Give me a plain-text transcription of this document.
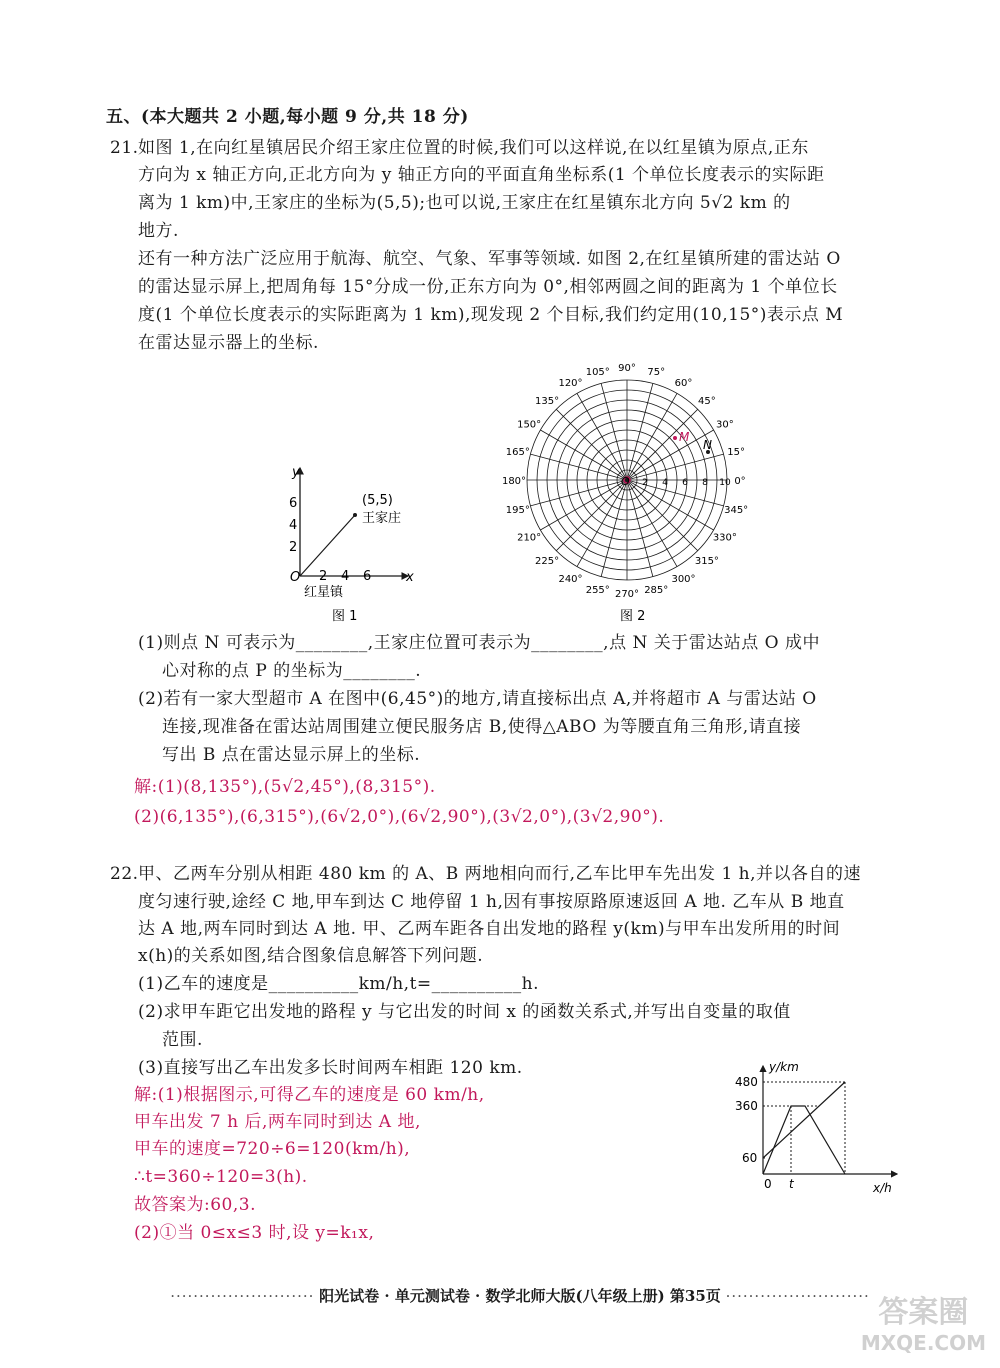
五、(本大题共 2 小题,每小题 9 分,共 18 分)
21. 如图 1,在向红星镇居民介绍王家庄位置的时候,我们可以这样说,在以红星镇为原点,正东
方向为 x 轴正方向,正北方向为 y 轴正方向的平面直角坐标系(1 个单位长度表示的实际距
离为 1 km)中,王家庄的坐标为(5,5);也可以说,王家庄在红星镇东北方向 5√2 km 的
地方.
还有一种方法广泛应用于航海、航空、气象、军事等领域. 如图 2,在红星镇所建的雷达站 O
的雷达显示屏上,把周角每 15°分成一份,正东方向为 0°,相邻两圆之间的距离为 1 个单位长
度(1 个单位长度表示的实际距离为 1 km),现发现 2 个目标,我们约定用(10,15°)表示点 M
在雷达显示器上的坐标.
y
x
6
4
2
2 4 6
O
(5,5)
王家庄
红星镇
图 1
0°
15°
30°
45°
60°
75°
90°
105°
120°
135°
150°
165°
180°
195°
210°
225°
240°
255° 270° 285°
300°
315°
330°
345°
2 4 6 8 10
O
M
N
图 2
(1)则点 N 可表示为________,王家庄位置可表示为________,点 N 关于雷达站点 O 成中
心对称的点 P 的坐标为________.
(2)若有一家大型超市 A 在图中(6,45°)的地方,请直接标出点 A,并将超市 A 与雷达站 O
连接,现准备在雷达站周围建立便民服务店 B,使得△ABO 为等腰直角三角形,请直接
写出 B 点在雷达显示屏上的坐标.
解:(1)(8,135°),(5√2,45°),(8,315°).
(2)(6,135°),(6,315°),(6√2,0°),(6√2,90°),(3√2,0°),(3√2,90°).
22. 甲、乙两车分别从相距 480 km 的 A、B 两地相向而行,乙车比甲车先出发 1 h,并以各自的速
度匀速行驶,途经 C 地,甲车到达 C 地停留 1 h,因有事按原路原速返回 A 地. 乙车从 B 地直
达 A 地,两车同时到达 A 地. 甲、乙两车距各自出发地的路程 y(km)与甲车出发所用的时间
x(h)的关系如图,结合图象信息解答下列问题.
(1)乙车的速度是__________km/h,t=__________h.
(2)求甲车距它出发地的路程 y 与它出发的时间 x 的函数关系式,并写出自变量的取值
范围.
(3)直接写出乙车出发多长时间两车相距 120 km.
解:(1)根据图示,可得乙车的速度是 60 km/h,
甲车出发 7 h 后,两车同时到达 A 地,
甲车的速度=720÷6=120(km/h),
∴t=360÷120=3(h).
故答案为:60,3.
(2)①当 0≤x≤3 时,设 y=k₁x,
y/km
x/h
480
360
60
0 t
························· 阳光试卷 · 单元测试卷 · 数学北师大版(八年级上册) 第35页 ························· 答案圈
MXQE.COM
